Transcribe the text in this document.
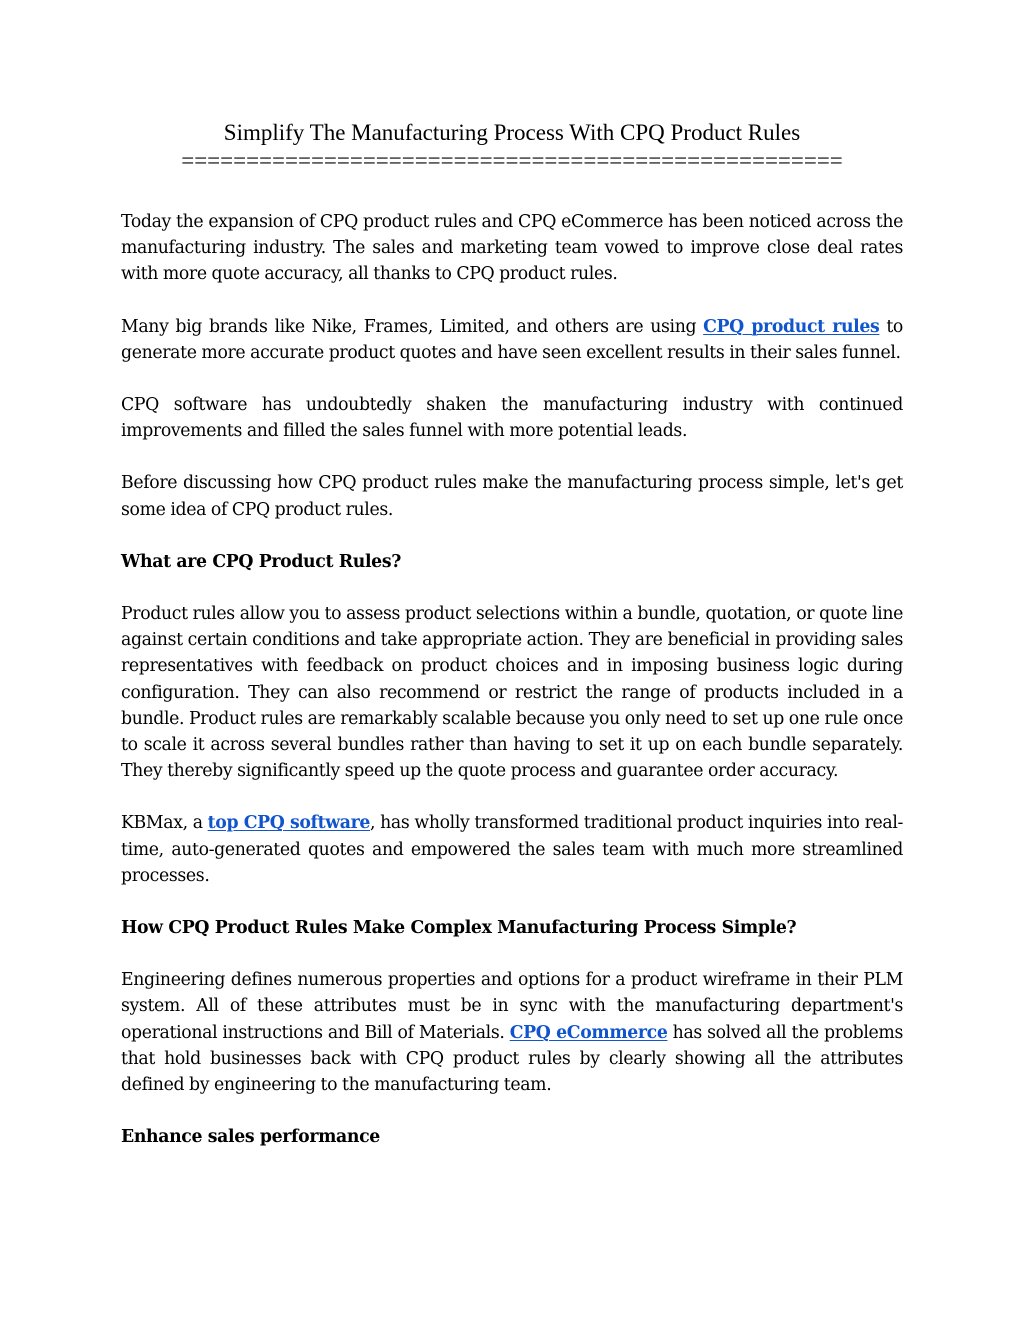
Simplify The Manufacturing Process With CPQ Product Rules
===================================================

Today the expansion of CPQ product rules and CPQ eCommerce has been noticed across the manufacturing industry. The sales and marketing team vowed to improve close deal rates with more quote accuracy, all thanks to CPQ product rules.

Many big brands like Nike, Frames, Limited, and others are using CPQ product rules to generate more accurate product quotes and have seen excellent results in their sales funnel.

CPQ software has undoubtedly shaken the manufacturing industry with continued improvements and filled the sales funnel with more potential leads.

Before discussing how CPQ product rules make the manufacturing process simple, let's get some idea of CPQ product rules.

What are CPQ Product Rules?

Product rules allow you to assess product selections within a bundle, quotation, or quote line against certain conditions and take appropriate action. They are beneficial in providing sales representatives with feedback on product choices and in imposing business logic during configuration. They can also recommend or restrict the range of products included in a bundle. Product rules are remarkably scalable because you only need to set up one rule once to scale it across several bundles rather than having to set it up on each bundle separately. They thereby significantly speed up the quote process and guarantee order accuracy.

KBMax, a top CPQ software, has wholly transformed traditional product inquiries into real-time, auto-generated quotes and empowered the sales team with much more streamlined processes.

How CPQ Product Rules Make Complex Manufacturing Process Simple?

Engineering defines numerous properties and options for a product wireframe in their PLM system. All of these attributes must be in sync with the manufacturing department's operational instructions and Bill of Materials. CPQ eCommerce has solved all the problems that hold businesses back with CPQ product rules by clearly showing all the attributes defined by engineering to the manufacturing team.

Enhance sales performance
